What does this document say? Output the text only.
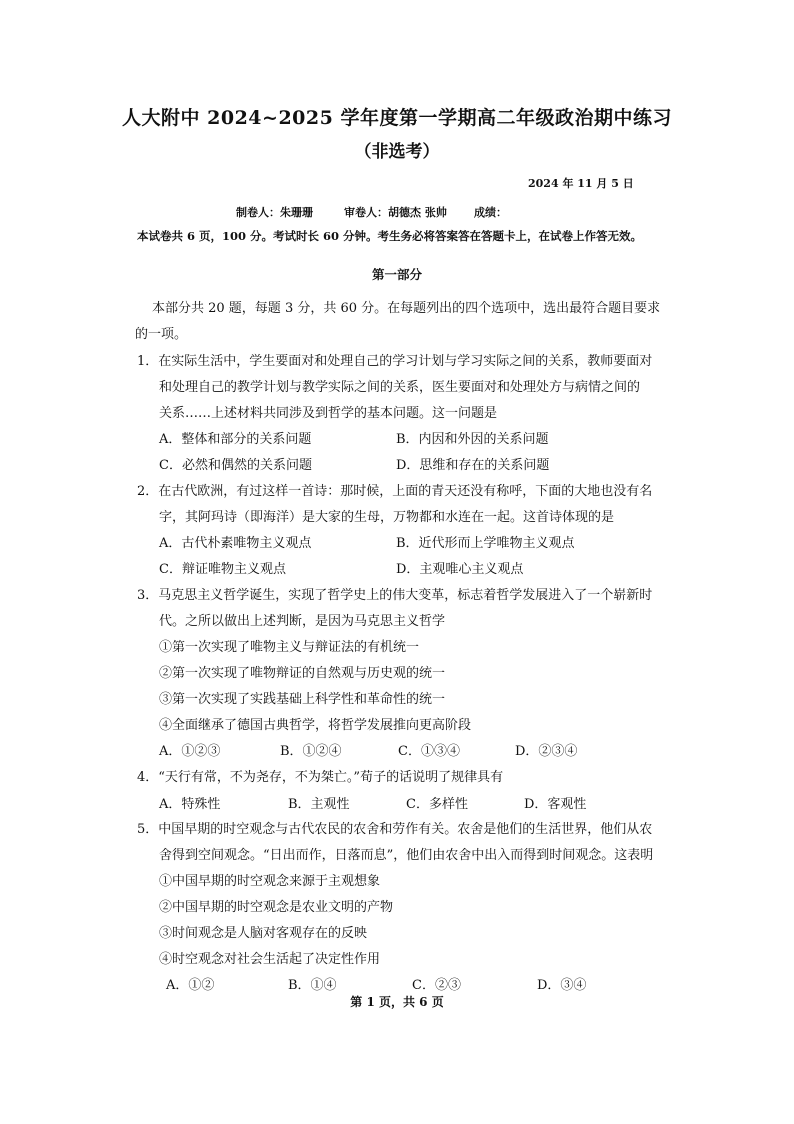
人大附中 2024~2025 学年度第一学期高二年级政治期中练习
（非选考）
2024 年 11 月 5 日
制卷人：朱珊珊	审卷人：胡德杰 张帅 成绩：
本试卷共 6 页，100 分。考试时长 60 分钟。考生务必将答案答在答题卡上，在试卷上作答无效。
第一部分
本部分共 20 题，每题 3 分，共 60 分。在每题列出的四个选项中，选出最符合题目要求
的一项。
1．在实际生活中，学生要面对和处理自己的学习计划与学习实际之间的关系，教师要面对
和处理自己的教学计划与教学实际之间的关系，医生要面对和处理处方与病情之间的
关系……上述材料共同涉及到哲学的基本问题。这一问题是
A．整体和部分的关系问题	B．内因和外因的关系问题
C．必然和偶然的关系问题	D．思维和存在的关系问题
2．在古代欧洲，有过这样一首诗：那时候，上面的青天还没有称呼，下面的大地也没有名
字，其阿玛诗（即海洋）是大家的生母，万物都和水连在一起。这首诗体现的是
A．古代朴素唯物主义观点	B．近代形而上学唯物主义观点
C．辩证唯物主义观点	D．主观唯心主义观点
3．马克思主义哲学诞生，实现了哲学史上的伟大变革，标志着哲学发展进入了一个崭新时
代。之所以做出上述判断，是因为马克思主义哲学
①第一次实现了唯物主义与辩证法的有机统一
②第一次实现了唯物辩证的自然观与历史观的统一
③第一次实现了实践基础上科学性和革命性的统一
④全面继承了德国古典哲学，将哲学发展推向更高阶段
A．①②③	B．①②④	C．①③④	D．②③④
4．“天行有常，不为尧存，不为桀亡。”荀子的话说明了规律具有
A．特殊性	B．主观性	C．多样性	D．客观性
5．中国早期的时空观念与古代农民的农舍和劳作有关。农舍是他们的生活世界，他们从农
舍得到空间观念。“日出而作，日落而息”，他们由农舍中出入而得到时间观念。这表明
①中国早期的时空观念来源于主观想象
②中国早期的时空观念是农业文明的产物
③时间观念是人脑对客观存在的反映
④时空观念对社会生活起了决定性作用
A．①②	B．①④	C．②③	D．③④
第 1 页，共 6 页
